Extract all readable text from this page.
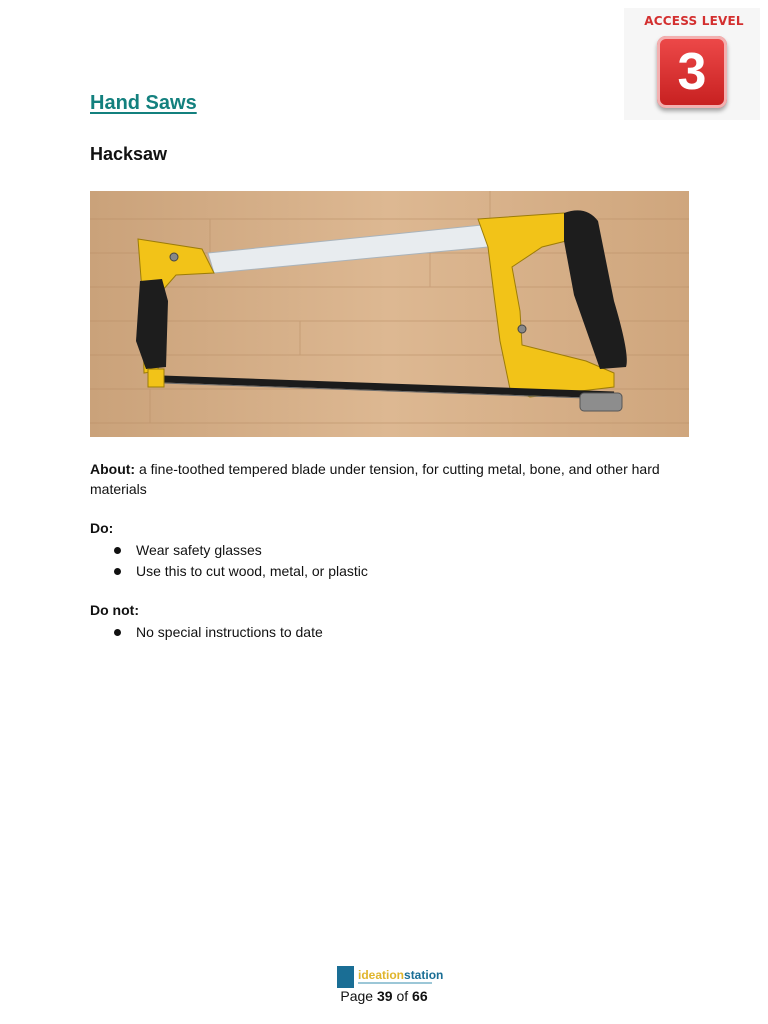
ACCESS LEVEL
3
Hand Saws
Hacksaw
About: a fine-toothed tempered blade under tension, for cutting metal, bone, and other hard materials
Do:
Wear safety glasses
Use this to cut wood, metal, or plastic
Do not:
No special instructions to date
ideationstation
Page 39 of 66
